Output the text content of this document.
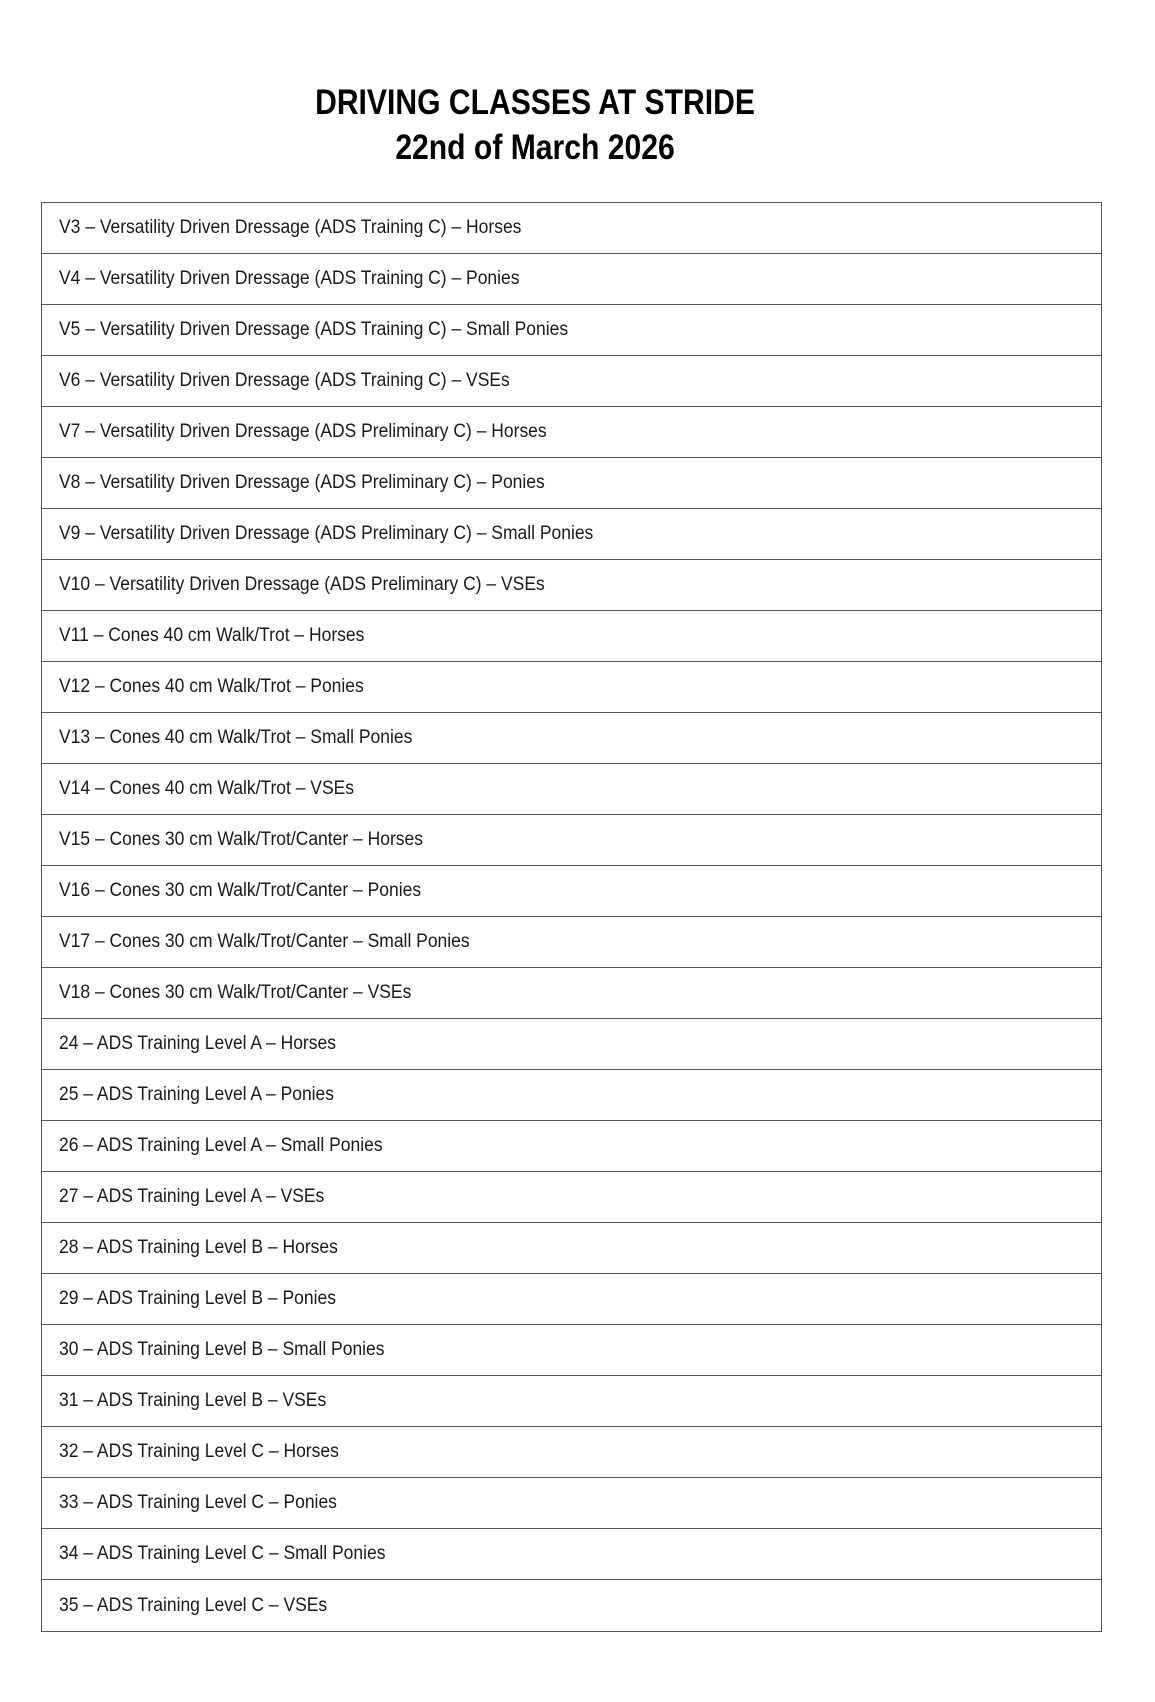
DRIVING CLASSES AT STRIDE
22nd of March 2026
V3 – Versatility Driven Dressage (ADS Training C) – Horses
V4 – Versatility Driven Dressage (ADS Training C) – Ponies
V5 – Versatility Driven Dressage (ADS Training C) – Small Ponies
V6 – Versatility Driven Dressage (ADS Training C) – VSEs
V7 – Versatility Driven Dressage (ADS Preliminary C) – Horses
V8 – Versatility Driven Dressage (ADS Preliminary C) – Ponies
V9 – Versatility Driven Dressage (ADS Preliminary C) – Small Ponies
V10 – Versatility Driven Dressage (ADS Preliminary C) – VSEs
V11 – Cones 40 cm Walk/Trot – Horses
V12 – Cones 40 cm Walk/Trot – Ponies
V13 – Cones 40 cm Walk/Trot – Small Ponies
V14 – Cones 40 cm Walk/Trot – VSEs
V15 – Cones 30 cm Walk/Trot/Canter – Horses
V16 – Cones 30 cm Walk/Trot/Canter – Ponies
V17 – Cones 30 cm Walk/Trot/Canter – Small Ponies
V18 – Cones 30 cm Walk/Trot/Canter – VSEs
24 – ADS Training Level A – Horses
25 – ADS Training Level A – Ponies
26 – ADS Training Level A – Small Ponies
27 – ADS Training Level A – VSEs
28 – ADS Training Level B – Horses
29 – ADS Training Level B – Ponies
30 – ADS Training Level B – Small Ponies
31 – ADS Training Level B – VSEs
32 – ADS Training Level C – Horses
33 – ADS Training Level C – Ponies
34 – ADS Training Level C – Small Ponies
35 – ADS Training Level C – VSEs
